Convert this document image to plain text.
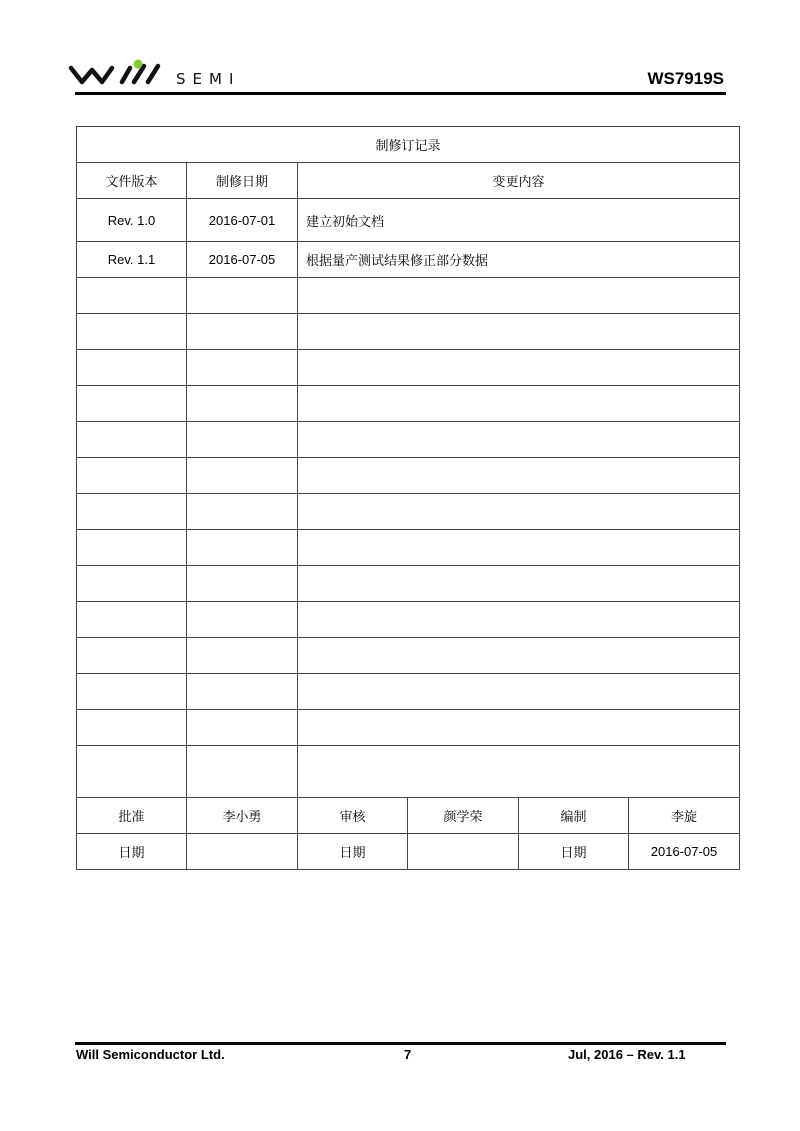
SEMI	WS7919S
制修订记录					
文件版本	制修日期	变更内容			
Rev. 1.0	2016-07-01	建立初始文档			
Rev. 1.1	2016-07-05	根据量产测试结果修正部分数据			

批准	李小勇	审核	颜学荣	编制	李旋
日期		日期		日期	2016-07-05
Will Semiconductor Ltd.	7	Jul, 2016 – Rev. 1.1
